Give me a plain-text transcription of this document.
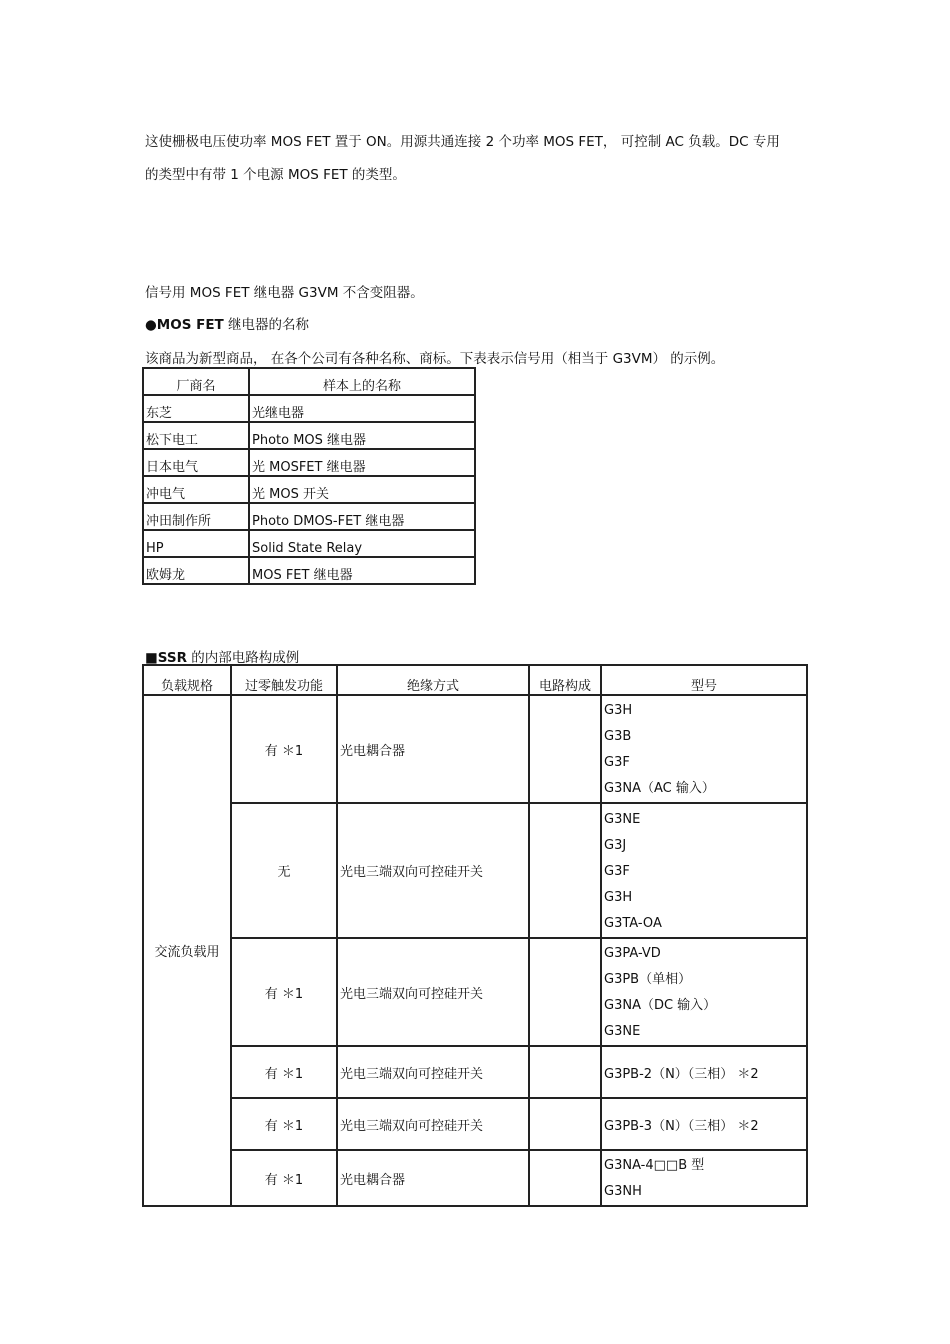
这使栅极电压使功率 MOS FET 置于 ON。用源共通连接 2 个功率 MOS FET， 可控制 AC 负载。DC 专用
的类型中有带 1 个电源 MOS FET 的类型。
信号用 MOS FET 继电器 G3VM 不含变阻器。
●MOS FET 继电器的名称
该商品为新型商品， 在各个公司有各种名称、商标。下表表示信号用（相当于 G3VM） 的示例。
厂商名	样本上的名称
东芝	光继电器
松下电工	Photo MOS 继电器
日本电气	光 MOSFET 继电器
冲电气	光 MOS 开关
冲田制作所	Photo DMOS-FET 继电器
HP	Solid State Relay
欧姆龙	MOS FET 继电器
■SSR 的内部电路构成例
负载规格	过零触发功能	绝缘方式	电路构成	型号
交流负载用	有 ＊1	光电耦合器		G3H
G3B
G3F
G3NA（AC 输入）

	无	光电三端双向可控硅开关		G3NE
G3J
G3F
G3H
G3TA-OA

	有 ＊1	光电三端双向可控硅开关		G3PA-VD
G3PB（单相）
G3NA（DC 输入）
G3NE

	有 ＊1	光电三端双向可控硅开关		G3PB-2（N）（三相） ＊2
	有 ＊1	光电三端双向可控硅开关		G3PB-3（N）（三相） ＊2
	有 ＊1	光电耦合器		G3NA-4□□B 型
G3NH
